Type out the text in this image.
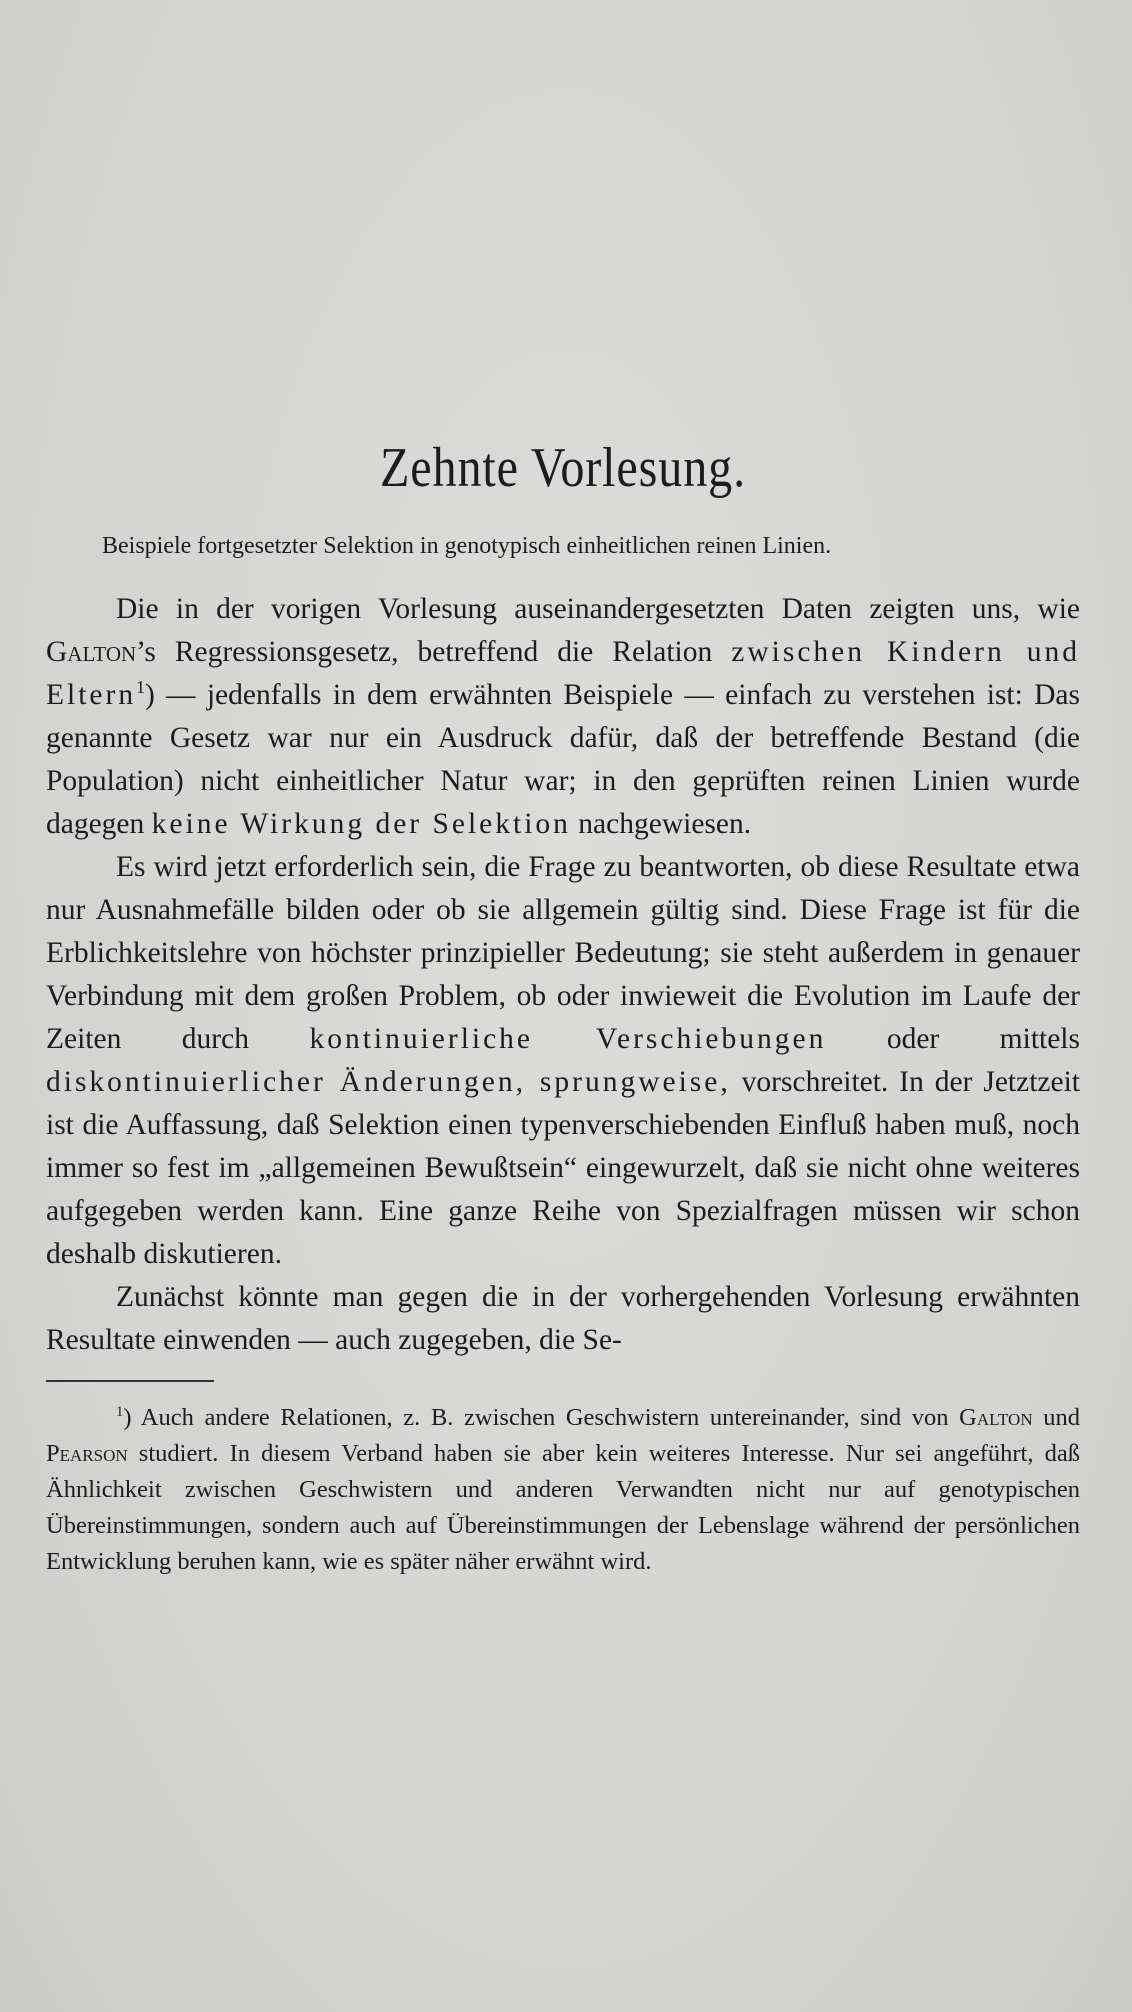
Zehnte Vorlesung.

Beispiele fortgesetzter Selektion in genotypisch einheitlichen reinen Linien.

Die in der vorigen Vorlesung auseinandergesetzten Daten zeigten uns, wie Galton’s Regressionsgesetz, betreffend die Relation zwischen Kindern und Eltern$^1$) — jedenfalls in dem erwähnten Beispiele — einfach zu verstehen ist: Das genannte Gesetz war nur ein Ausdruck dafür, daß der betreffende Bestand (die Population) nicht einheitlicher Natur war; in den geprüften reinen Linien wurde dagegen keine Wirkung der Selektion nachgewiesen.

Es wird jetzt erforderlich sein, die Frage zu beantworten, ob diese Resultate etwa nur Ausnahmefälle bilden oder ob sie allgemein gültig sind. Diese Frage ist für die Erblichkeitslehre von höchster prinzipieller Bedeutung; sie steht außerdem in genauer Verbindung mit dem großen Problem, ob oder inwieweit die Evolution im Laufe der Zeiten durch kontinuierliche Verschiebungen oder mittels diskontinuierlicher Änderungen, sprungweise, vorschreitet. In der Jetztzeit ist die Auffassung, daß Selektion einen typenverschiebenden Einfluß haben muß, noch immer so fest im „allgemeinen Bewußtsein“ eingewurzelt, daß sie nicht ohne weiteres aufgegeben werden kann. Eine ganze Reihe von Spezialfragen müssen wir schon deshalb diskutieren.

Zunächst könnte man gegen die in der vorhergehenden Vorlesung erwähnten Resultate einwenden — auch zugegeben, die Se-

$^1$) Auch andere Relationen, z. B. zwischen Geschwistern untereinander, sind von Galton und Pearson studiert. In diesem Verband haben sie aber kein weiteres Interesse. Nur sei angeführt, daß Ähnlichkeit zwischen Geschwistern und anderen Verwandten nicht nur auf genotypischen Übereinstimmungen, sondern auch auf Übereinstimmungen der Lebenslage während der persönlichen Entwicklung beruhen kann, wie es später näher erwähnt wird.
